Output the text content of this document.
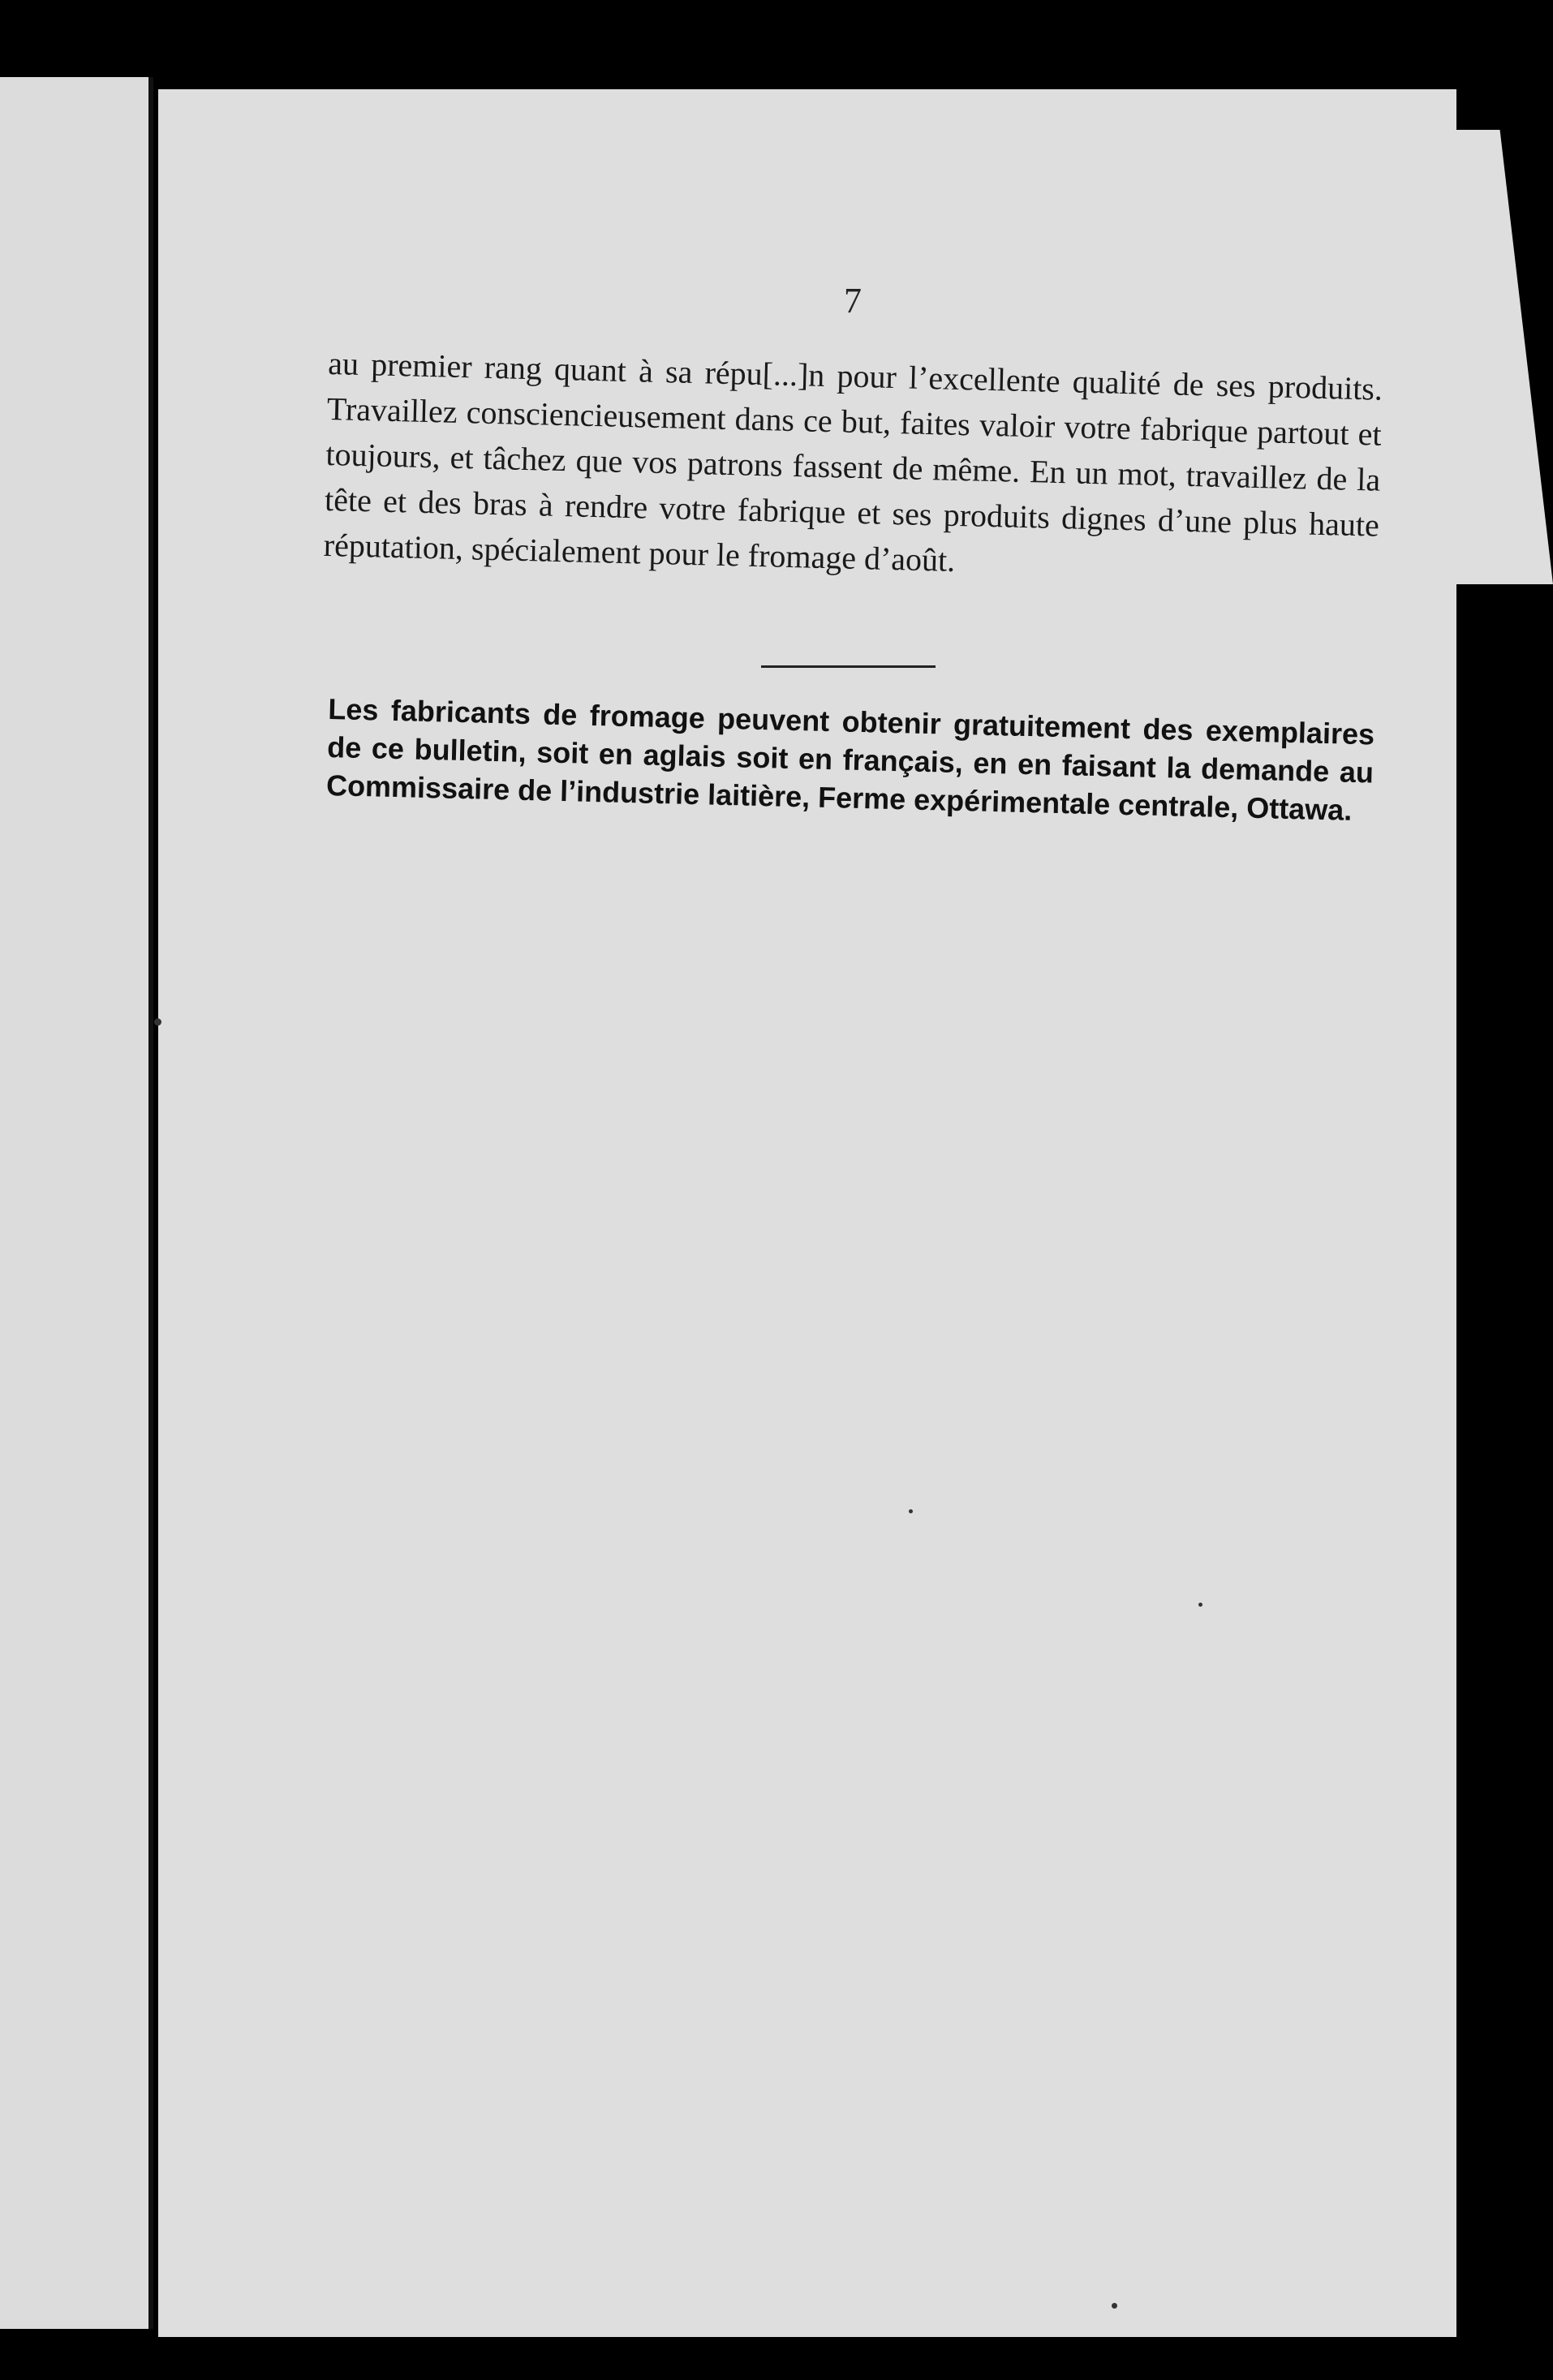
7

au premier rang quant à sa répu[...]n pour l’excellente qualité de ses produits. Travaillez consciencieusement dans ce but, faites valoir votre fabrique partout et toujours, et tâchez que vos patrons fassent de même. En un mot, travaillez de la tête et des bras à rendre votre fabrique et ses produits dignes d’une plus haute réputation, spécialement pour le fromage d’août.

Les fabricants de fromage peuvent obtenir gratuitement des exemplaires de ce bulletin, soit en aglais soit en français, en en faisant la demande au Commissaire de l’industrie laitière, Ferme expérimentale centrale, Ottawa.
